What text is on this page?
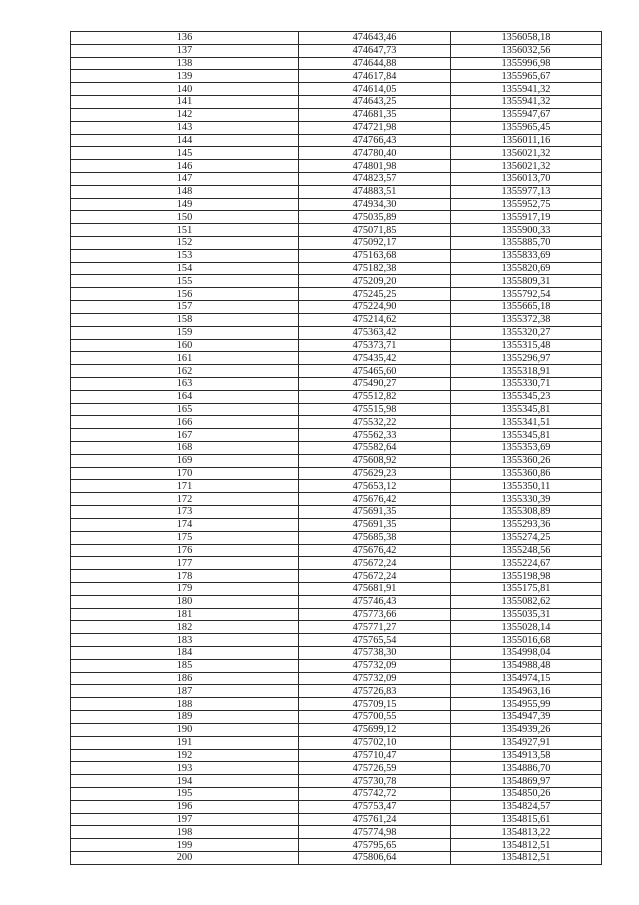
136	474643,46	1356058,18
137	474647,73	1356032,56
138	474644,88	1355996,98
139	474617,84	1355965,67
140	474614,05	1355941,32
141	474643,25	1355941,32
142	474681,35	1355947,67
143	474721,98	1355965,45
144	474766,43	1356011,16
145	474780,40	1356021,32
146	474801,98	1356021,32
147	474823,57	1356013,70
148	474883,51	1355977,13
149	474934,30	1355952,75
150	475035,89	1355917,19
151	475071,85	1355900,33
152	475092,17	1355885,70
153	475163,68	1355833,69
154	475182,38	1355820,69
155	475209,20	1355809,31
156	475245,25	1355792,54
157	475224,90	1355665,18
158	475214,62	1355372,38
159	475363,42	1355320,27
160	475373,71	1355315,48
161	475435,42	1355296,97
162	475465,60	1355318,91
163	475490,27	1355330,71
164	475512,82	1355345,23
165	475515,98	1355345,81
166	475532,22	1355341,51
167	475562,33	1355345,81
168	475582,64	1355353,69
169	475608,92	1355360,26
170	475629,23	1355360,86
171	475653,12	1355350,11
172	475676,42	1355330,39
173	475691,35	1355308,89
174	475691,35	1355293,36
175	475685,38	1355274,25
176	475676,42	1355248,56
177	475672,24	1355224,67
178	475672,24	1355198,98
179	475681,91	1355175,81
180	475746,43	1355082,62
181	475773,66	1355035,31
182	475771,27	1355028,14
183	475765,54	1355016,68
184	475738,30	1354998,04
185	475732,09	1354988,48
186	475732,09	1354974,15
187	475726,83	1354963,16
188	475709,15	1354955,99
189	475700,55	1354947,39
190	475699,12	1354939,26
191	475702,10	1354927,91
192	475710,47	1354913,58
193	475726,59	1354886,70
194	475730,78	1354869,97
195	475742,72	1354850,26
196	475753,47	1354824,57
197	475761,24	1354815,61
198	475774,98	1354813,22
199	475795,65	1354812,51
200	475806,64	1354812,51
